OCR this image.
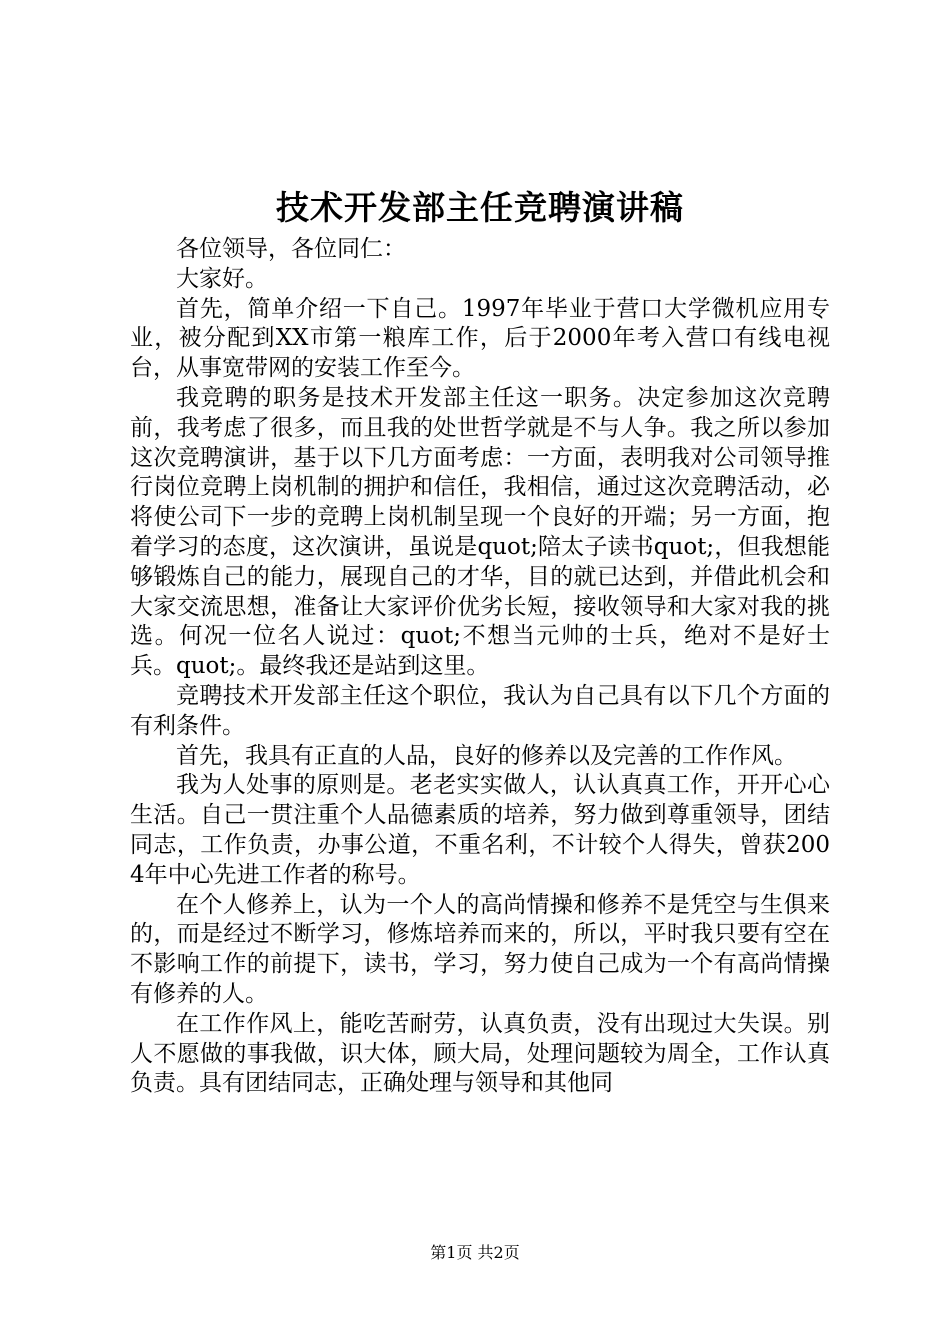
技术开发部主任竞聘演讲稿

各位领导，各位同仁：

大家好。

首先，简单介绍一下自己。1997年毕业于营口大学微机应用专业，被分配到XX市第一粮库工作，后于2000年考入营口有线电视台，从事宽带网的安装工作至今。

我竞聘的职务是技术开发部主任这一职务。决定参加这次竞聘前，我考虑了很多，而且我的处世哲学就是不与人争。我之所以参加这次竞聘演讲，基于以下几方面考虑：一方面，表明我对公司领导推行岗位竞聘上岗机制的拥护和信任，我相信，通过这次竞聘活动，必将使公司下一步的竞聘上岗机制呈现一个良好的开端；另一方面，抱着学习的态度，这次演讲，虽说是quot;陪太子读书quot;，但我想能够锻炼自己的能力，展现自己的才华，目的就已达到，并借此机会和大家交流思想，准备让大家评价优劣长短，接收领导和大家对我的挑选。何况一位名人说过：quot;不想当元帅的士兵，绝对不是好士兵。quot;。最终我还是站到这里。

竞聘技术开发部主任这个职位，我认为自己具有以下几个方面的有利条件。

首先，我具有正直的人品，良好的修养以及完善的工作作风。

我为人处事的原则是。老老实实做人，认认真真工作，开开心心生活。自己一贯注重个人品德素质的培养，努力做到尊重领导，团结同志，工作负责，办事公道，不重名利，不计较个人得失，曾获2004年中心先进工作者的称号。

在个人修养上，认为一个人的高尚情操和修养不是凭空与生俱来的，而是经过不断学习，修炼培养而来的，所以，平时我只要有空在不影响工作的前提下，读书，学习，努力使自己成为一个有高尚情操有修养的人。

在工作作风上，能吃苦耐劳，认真负责，没有出现过大失误。别人不愿做的事我做，识大体，顾大局，处理问题较为周全，工作认真负责。具有团结同志，正确处理与领导和其他同

第1页 共2页
